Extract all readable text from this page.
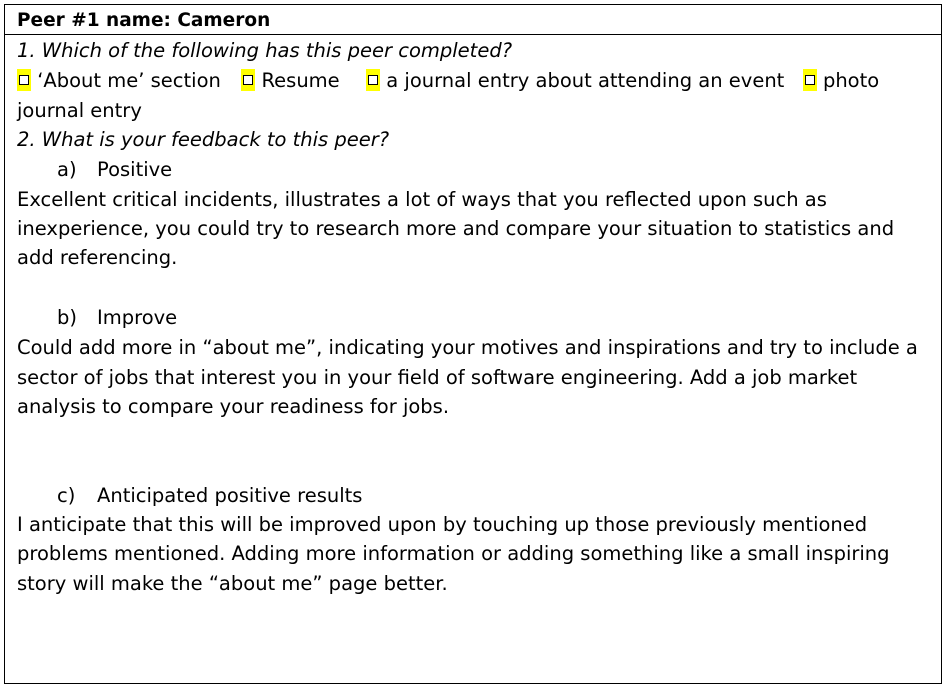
Peer #1 name: Cameron
1. Which of the following has this peer completed?
‘About me’ section Resume a journal entry about attending an event photo
journal entry
2. What is your feedback to this peer?
a) Positive
Excellent critical incidents, illustrates a lot of ways that you reflected upon such as
inexperience, you could try to research more and compare your situation to statistics and
add referencing.
b) Improve
Could add more in “about me”, indicating your motives and inspirations and try to include a
sector of jobs that interest you in your field of software engineering. Add a job market
analysis to compare your readiness for jobs.
c) Anticipated positive results
I anticipate that this will be improved upon by touching up those previously mentioned
problems mentioned. Adding more information or adding something like a small inspiring
story will make the “about me” page better.
